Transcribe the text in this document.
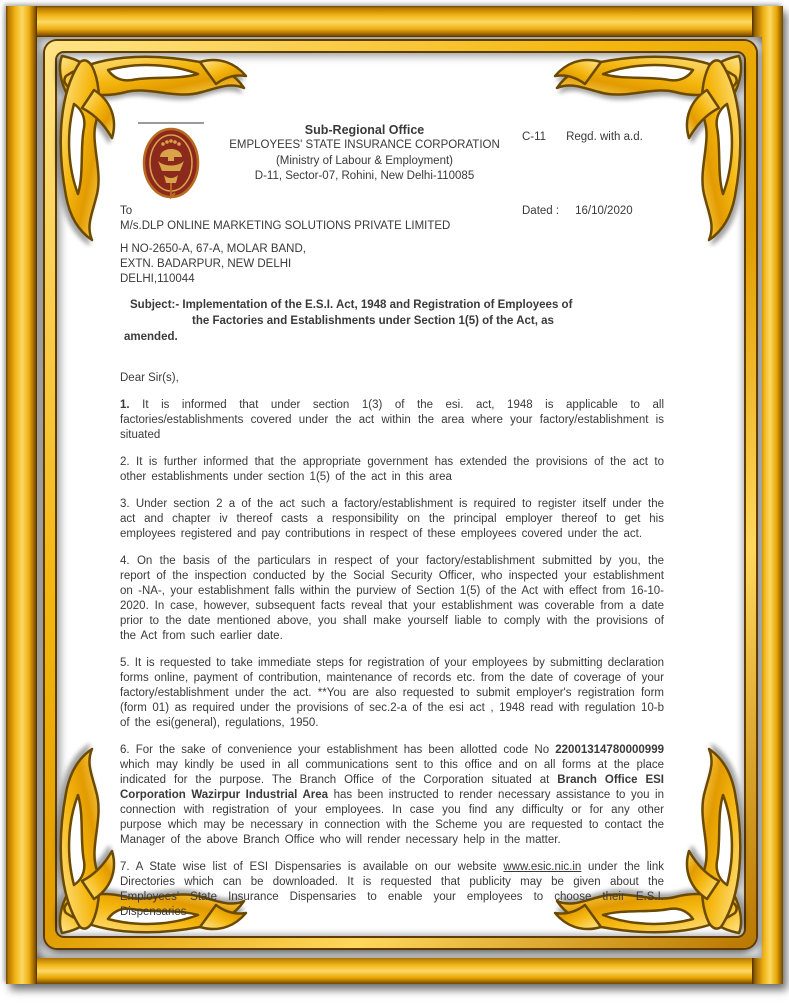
Sub-Regional Office
EMPLOYEES' STATE INSURANCE CORPORATION
(Ministry of Labour & Employment)
D-11, Sector-07, Rohini, New Delhi-110085
C-11 Regd. with a.d.
To	Dated : 16/10/2020
M/s.DLP ONLINE MARKETING SOLUTIONS PRIVATE LIMITED
H NO-2650-A, 67-A, MOLAR BAND,
EXTN. BADARPUR, NEW DELHI
DELHI,110044
Subject:- Implementation of the E.S.I. Act, 1948 and Registration of Employees of
the Factories and Establishments under Section 1(5) of the Act, as
amended.
Dear Sir(s),

1. It is informed that under section 1(3) of the esi. act, 1948 is applicable to all factories/establishments covered under the act within the area where your factory/establishment is situated

2. It is further informed that the appropriate government has extended the provisions of the act to other establishments under section 1(5) of the act in this area

3. Under section 2 a of the act such a factory/establishment is required to register itself under the act and chapter iv thereof casts a responsibility on the principal employer thereof to get his employees registered and pay contributions in respect of these employees covered under the act.

4. On the basis of the particulars in respect of your factory/establishment submitted by you, the report of the inspection conducted by the Social Security Officer, who inspected your establishment on -NA-, your establishment falls within the purview of Section 1(5) of the Act with effect from 16-10-2020. In case, however, subsequent facts reveal that your establishment was coverable from a date prior to the date mentioned above, you shall make yourself liable to comply with the provisions of the Act from such earlier date.

5. It is requested to take immediate steps for registration of your employees by submitting declaration forms online, payment of contribution, maintenance of records etc. from the date of coverage of your factory/establishment under the act. **You are also requested to submit employer's registration form (form 01) as required under the provisions of sec.2-a of the esi act , 1948 read with regulation 10-b of the esi(general), regulations, 1950.

6. For the sake of convenience your establishment has been allotted code No 22001314780000999 which may kindly be used in all communications sent to this office and on all forms at the place indicated for the purpose. The Branch Office of the Corporation situated at Branch Office ESI Corporation Wazirpur Industrial Area has been instructed to render necessary assistance to you in connection with registration of your employees. In case you find any difficulty or for any other purpose which may be necessary in connection with the Scheme you are requested to contact the Manager of the above Branch Office who will render necessary help in the matter.

7. A State wise list of ESI Dispensaries is available on our website www.esic.nic.in under the link Directories which can be downloaded. It is requested that publicity may be given about the Employees' State Insurance Dispensaries to enable your employees to choose their E.S.I. Dispensaries
